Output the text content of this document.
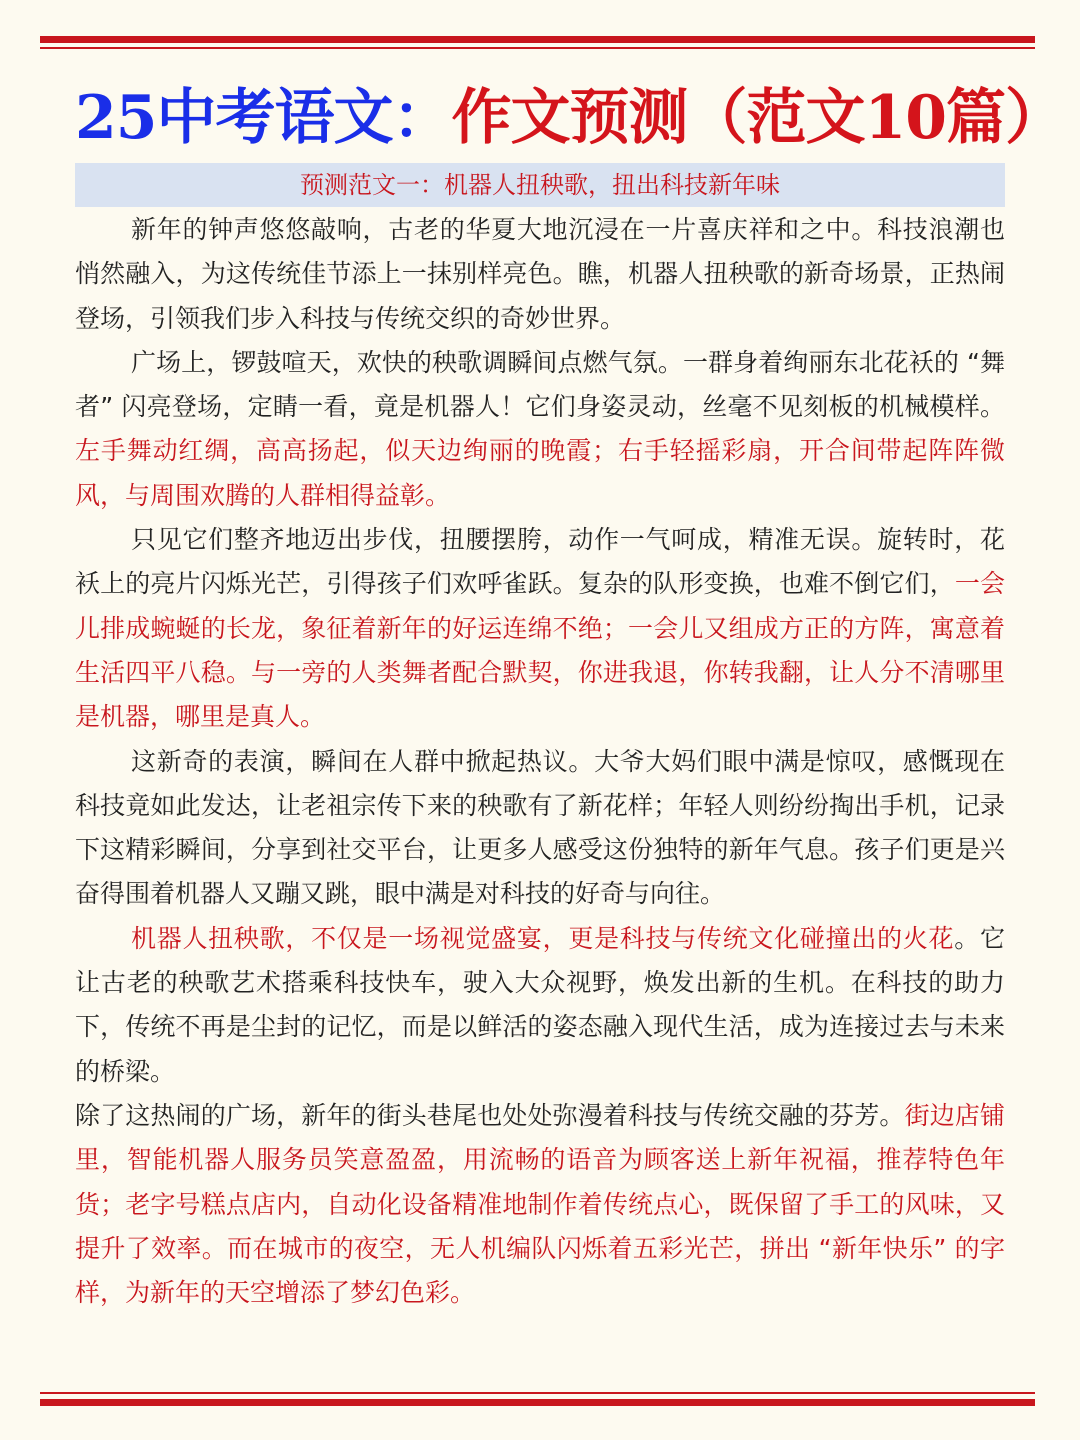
25中考语文：作文预测（范文10篇）
预测范文一：机器人扭秧歌，扭出科技新年味

新年的钟声悠悠敲响，古老的华夏大地沉浸在一片喜庆祥和之中。科技浪潮也悄然融入，为这传统佳节添上一抹别样亮色。瞧，机器人扭秧歌的新奇场景，正热闹登场，引领我们步入科技与传统交织的奇妙世界。

广场上，锣鼓喧天，欢快的秧歌调瞬间点燃气氛。一群身着绚丽东北花袄的 “舞者” 闪亮登场，定睛一看，竟是机器人！它们身姿灵动，丝毫不见刻板的机械模样。左手舞动红绸，高高扬起，似天边绚丽的晚霞；右手轻摇彩扇，开合间带起阵阵微风，与周围欢腾的人群相得益彰。

只见它们整齐地迈出步伐，扭腰摆胯，动作一气呵成，精准无误。旋转时，花袄上的亮片闪烁光芒，引得孩子们欢呼雀跃。复杂的队形变换，也难不倒它们，一会儿排成蜿蜒的长龙，象征着新年的好运连绵不绝；一会儿又组成方正的方阵，寓意着生活四平八稳。与一旁的人类舞者配合默契，你进我退，你转我翻，让人分不清哪里是机器，哪里是真人。

这新奇的表演，瞬间在人群中掀起热议。大爷大妈们眼中满是惊叹，感慨现在科技竟如此发达，让老祖宗传下来的秧歌有了新花样；年轻人则纷纷掏出手机，记录下这精彩瞬间，分享到社交平台，让更多人感受这份独特的新年气息。孩子们更是兴奋得围着机器人又蹦又跳，眼中满是对科技的好奇与向往。

机器人扭秧歌，不仅是一场视觉盛宴，更是科技与传统文化碰撞出的火花。它让古老的秧歌艺术搭乘科技快车，驶入大众视野，焕发出新的生机。在科技的助力下，传统不再是尘封的记忆，而是以鲜活的姿态融入现代生活，成为连接过去与未来的桥梁。

除了这热闹的广场，新年的街头巷尾也处处弥漫着科技与传统交融的芬芳。街边店铺里，智能机器人服务员笑意盈盈，用流畅的语音为顾客送上新年祝福，推荐特色年货；老字号糕点店内，自动化设备精准地制作着传统点心，既保留了手工的风味，又提升了效率。而在城市的夜空，无人机编队闪烁着五彩光芒，拼出 “新年快乐” 的字样，为新年的天空增添了梦幻色彩。
